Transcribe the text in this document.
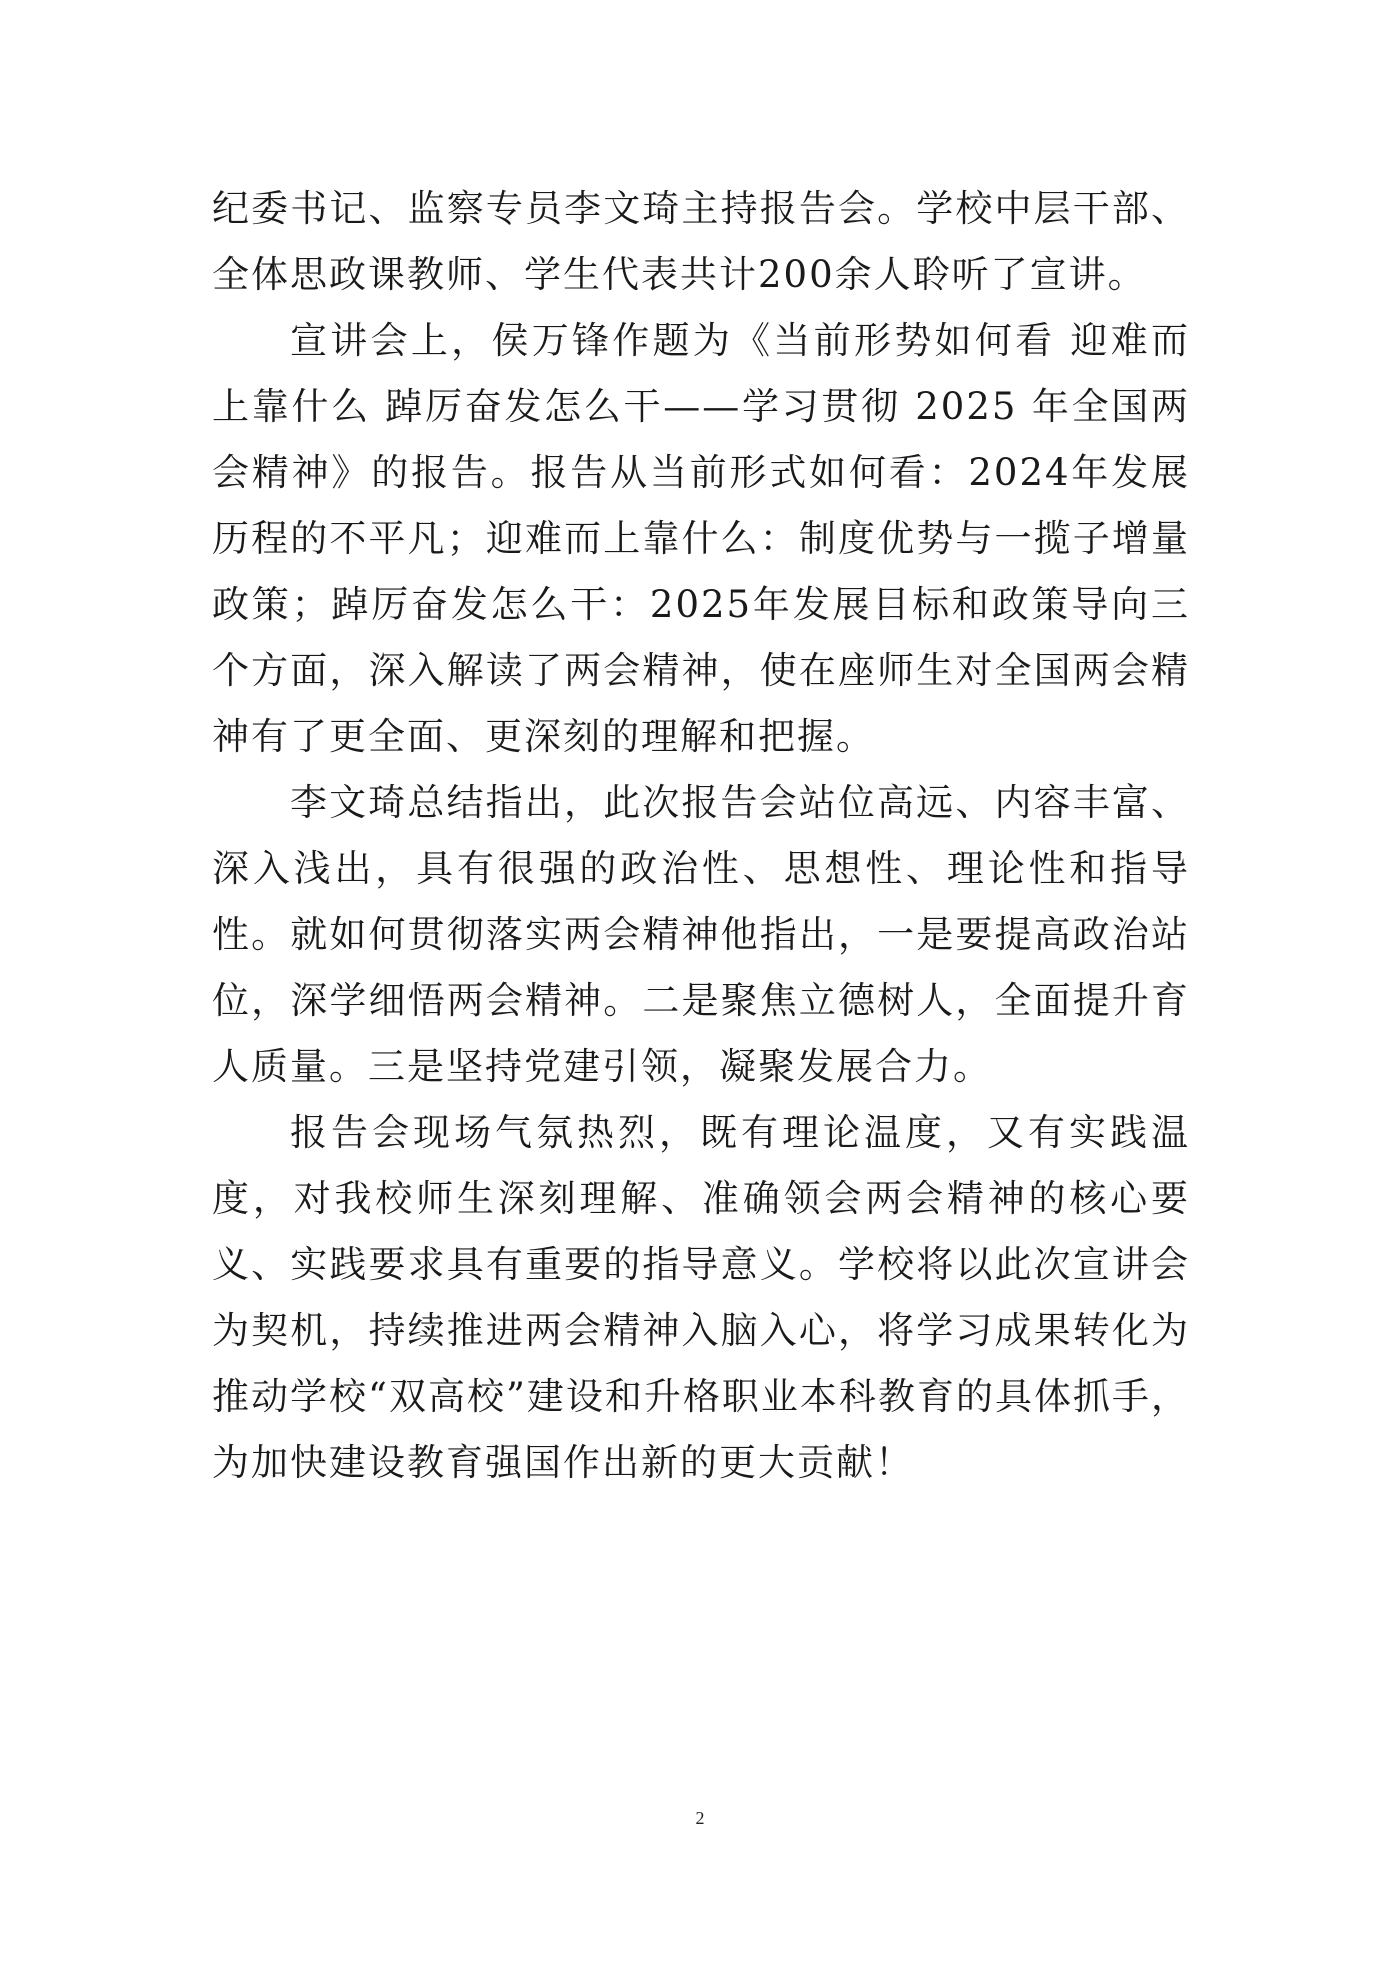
纪委书记、监察专员李文琦主持报告会。学校中层干部、全体思政课教师、学生代表共计200余人聆听了宣讲。

宣讲会上，侯万锋作题为《当前形势如何看 迎难而上靠什么 踔厉奋发怎么干——学习贯彻 2025 年全国两会精神》的报告。报告从当前形式如何看：2024年发展历程的不平凡；迎难而上靠什么：制度优势与一揽子增量政策；踔厉奋发怎么干：2025年发展目标和政策导向三个方面，深入解读了两会精神，使在座师生对全国两会精神有了更全面、更深刻的理解和把握。

李文琦总结指出，此次报告会站位高远、内容丰富、深入浅出，具有很强的政治性、思想性、理论性和指导性。就如何贯彻落实两会精神他指出，一是要提高政治站位，深学细悟两会精神。二是聚焦立德树人，全面提升育人质量。三是坚持党建引领，凝聚发展合力。

报告会现场气氛热烈，既有理论温度，又有实践温度，对我校师生深刻理解、准确领会两会精神的核心要义、实践要求具有重要的指导意义。学校将以此次宣讲会为契机，持续推进两会精神入脑入心，将学习成果转化为推动学校“双高校”建设和升格职业本科教育的具体抓手，为加快建设教育强国作出新的更大贡献！

2
